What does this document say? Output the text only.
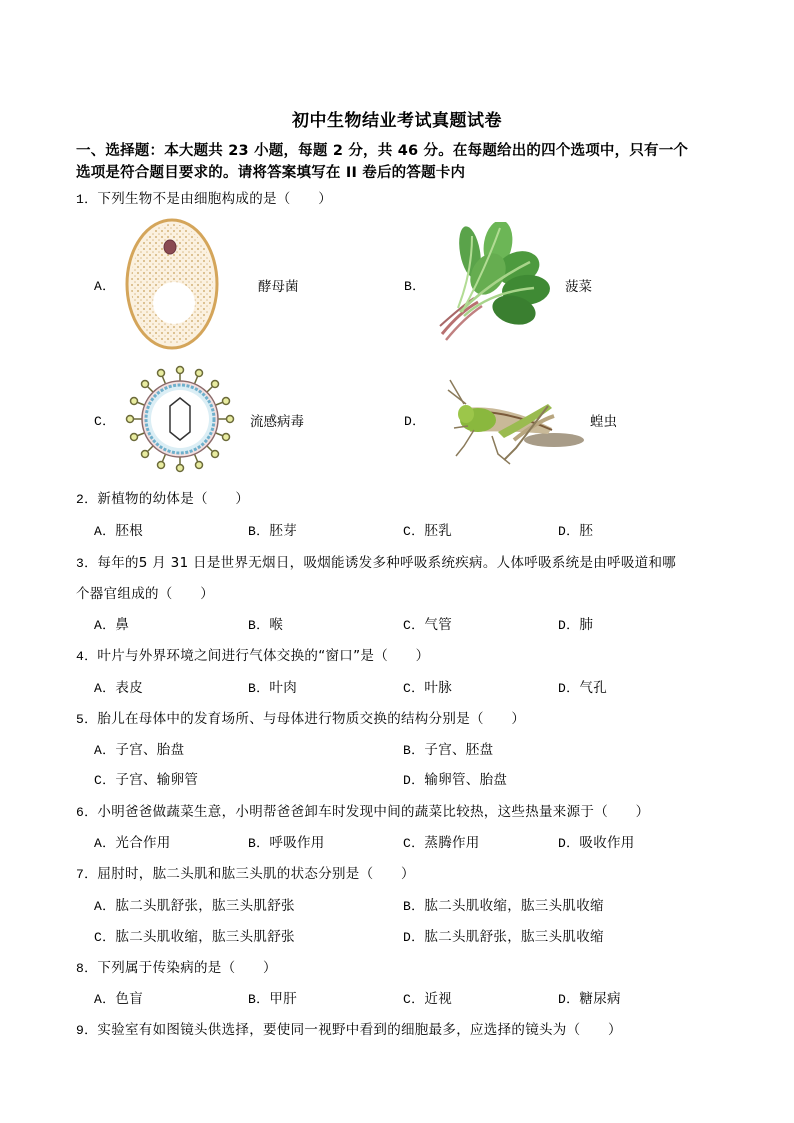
初中生物结业考试真题试卷
一、选择题：本大题共 23 小题，每题 2 分，共 46 分。在每题给出的四个选项中，只有一个
选项是符合题目要求的。请将答案填写在 II 卷后的答题卡内
1．下列生物不是由细胞构成的是（　　）
A．	酵母菌	B．	菠菜
C．	流感病毒	D．	蝗虫
2．新植物的幼体是（　　）
A．胚根	B．胚芽	C．胚乳	D．胚
3．每年的5 月 31 日是世界无烟日，吸烟能诱发多种呼吸系统疾病。人体呼吸系统是由呼吸道和哪
个器官组成的（　　）
A．鼻	B．喉	C．气管	D．肺
4．叶片与外界环境之间进行气体交换的“窗口”是（　　）
A．表皮	B．叶肉	C．叶脉	D．气孔
5．胎儿在母体中的发育场所、与母体进行物质交换的结构分别是（　　）
A．子宫、胎盘	B．子宫、胚盘
C．子宫、输卵管	D．输卵管、胎盘
6．小明爸爸做蔬菜生意，小明帮爸爸卸车时发现中间的蔬菜比较热，这些热量来源于（　　）
A．光合作用	B．呼吸作用	C．蒸腾作用	D．吸收作用
7．屈肘时，肱二头肌和肱三头肌的状态分别是（　　）
A．肱二头肌舒张，肱三头肌舒张	B．肱二头肌收缩，肱三头肌收缩
C．肱二头肌收缩，肱三头肌舒张	D．肱二头肌舒张，肱三头肌收缩
8．下列属于传染病的是（　　）
A．色盲	B．甲肝	C．近视	D．糖尿病
9．实验室有如图镜头供选择，要使同一视野中看到的细胞最多，应选择的镜头为（　　）
